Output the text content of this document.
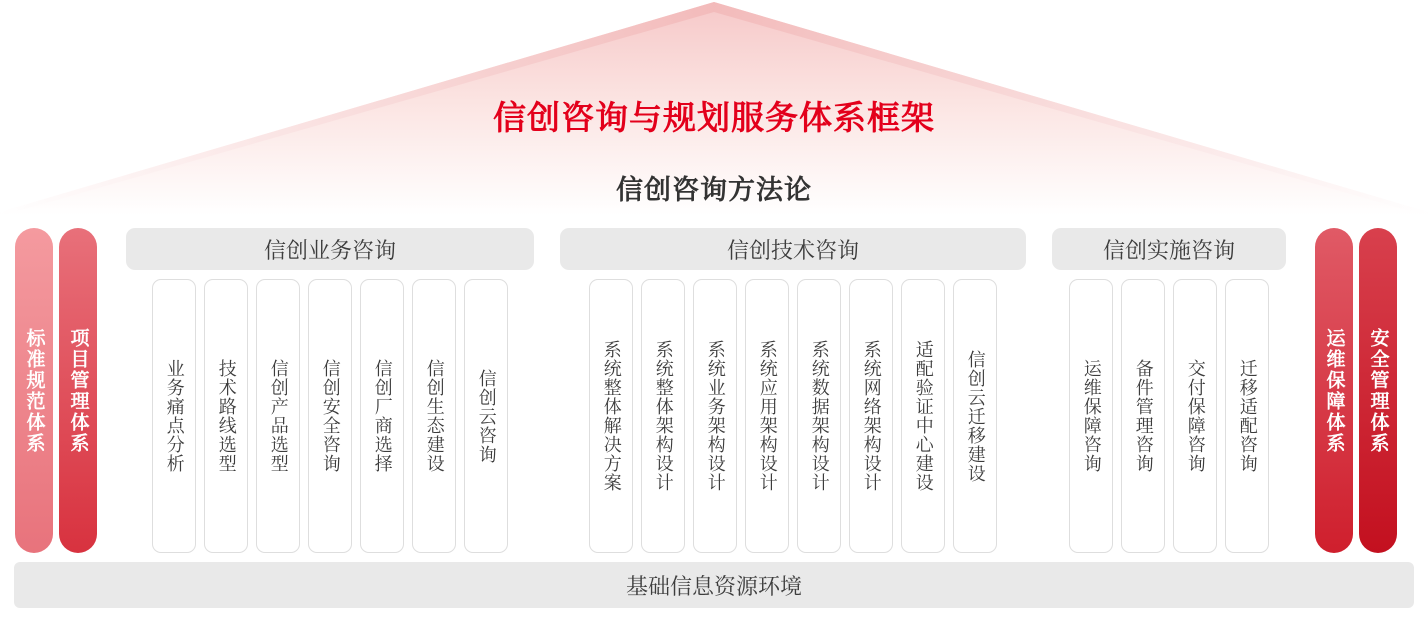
信创咨询与规划服务体系框架
信创咨询方法论
标准规范体系 项目管理体系
信创业务咨询
业务痛点分析 技术路线选型 信创产品选型 信创安全咨询 信创厂商选择 信创生态建设 信创云咨询
信创技术咨询
系统整体解决方案 系统整体架构设计 系统业务架构设计 系统应用架构设计 系统数据架构设计 系统网络架构设计 适配验证中心建设 信创云迁移建设
信创实施咨询
运维保障咨询 备件管理咨询 交付保障咨询 迁移适配咨询	运维保障体系 安全管理体系
基础信息资源环境
